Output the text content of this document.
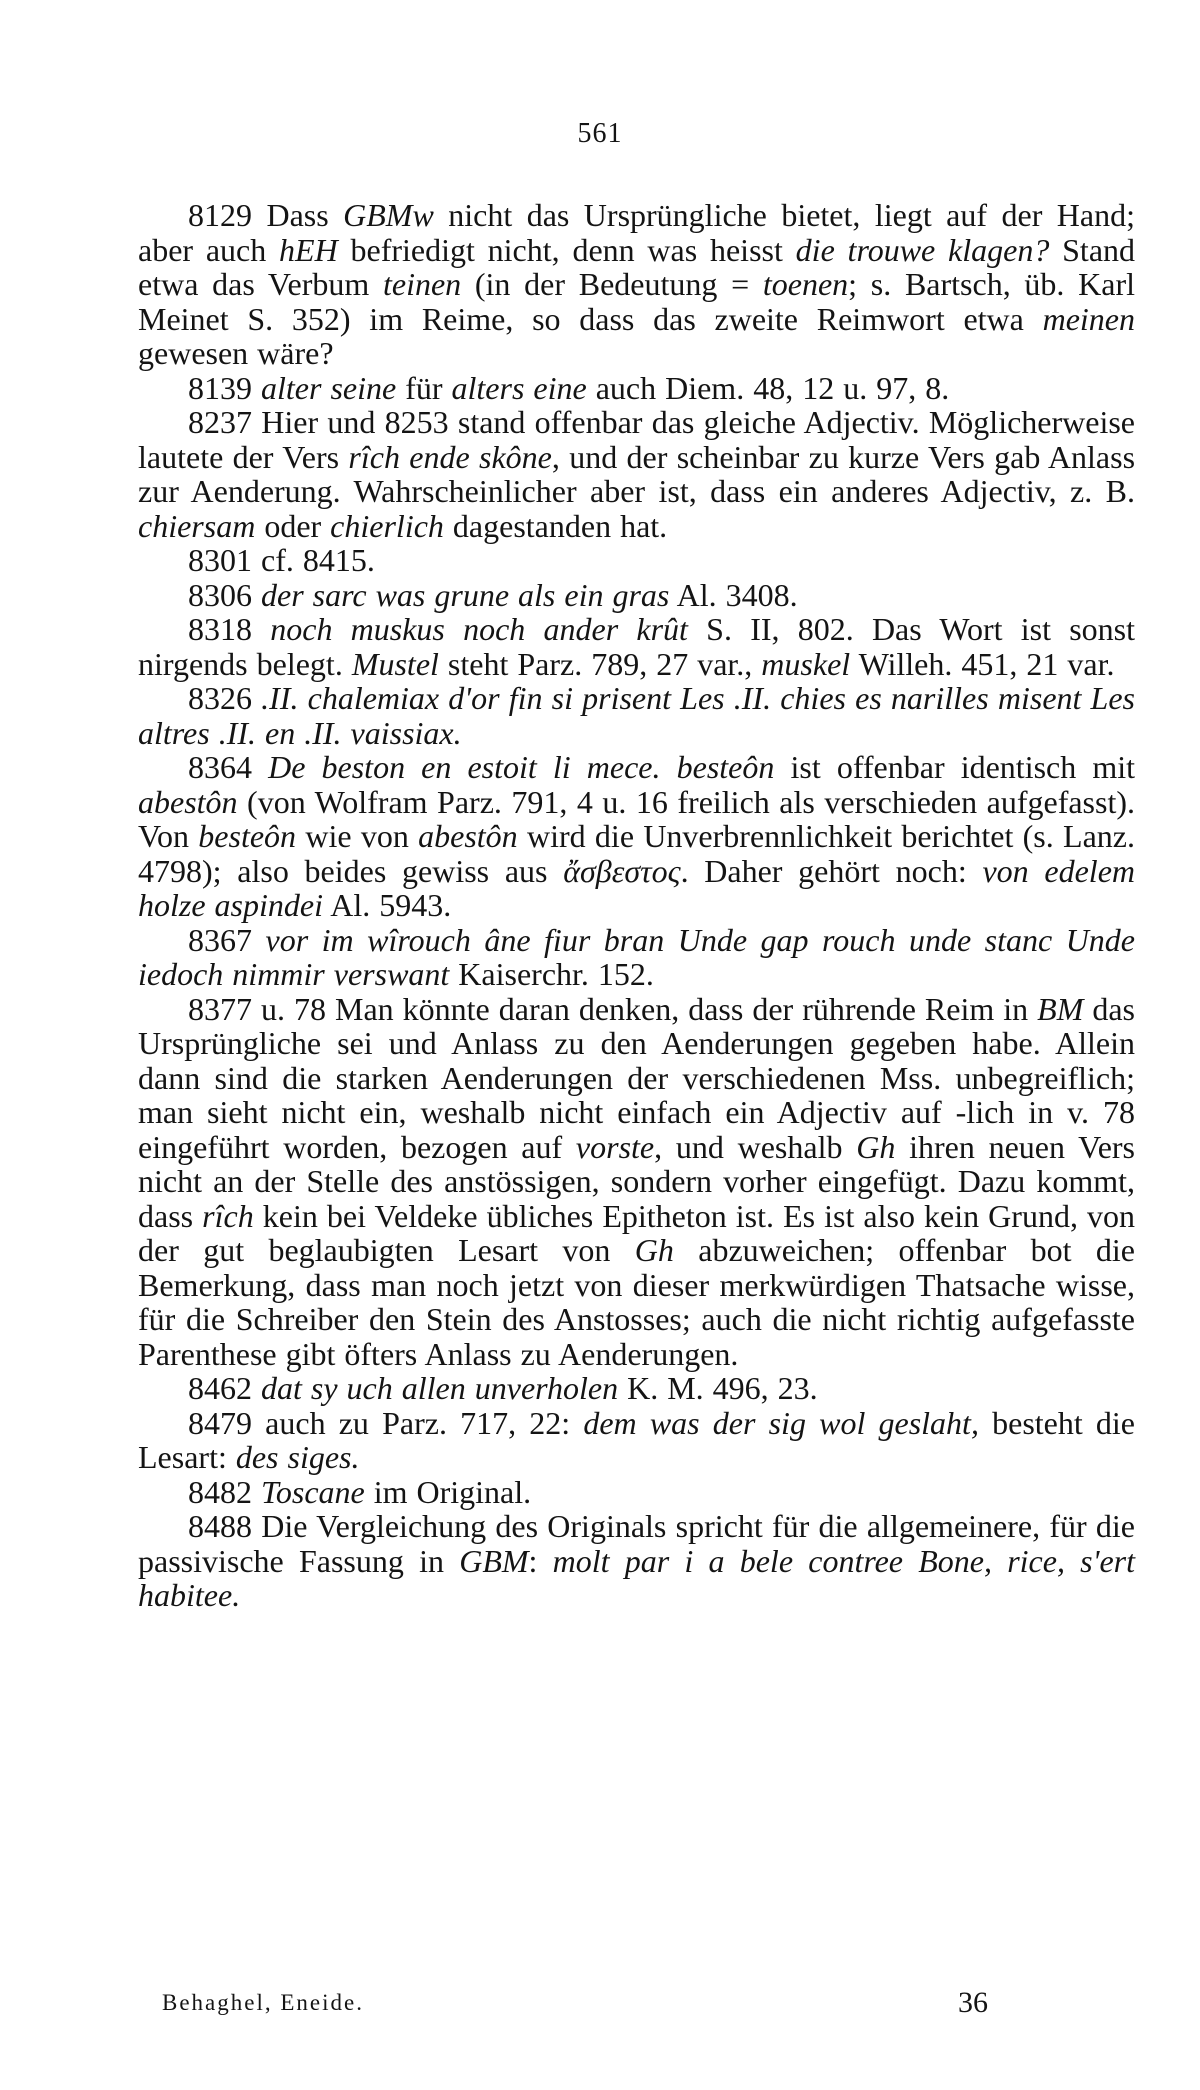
561

8129 Dass GBMw nicht das Ursprüngliche bietet, liegt auf der Hand; aber auch hEH befriedigt nicht, denn was heisst die trouwe klagen? Stand etwa das Verbum teinen (in der Bedeutung = toenen; s. Bartsch, üb. Karl Meinet S. 352) im Reime, so dass das zweite Reimwort etwa meinen gewesen wäre?

8139 alter seine für alters eine auch Diem. 48, 12 u. 97, 8.

8237 Hier und 8253 stand offenbar das gleiche Adjectiv. Möglicherweise lautete der Vers rîch ende skône, und der scheinbar zu kurze Vers gab Anlass zur Aenderung. Wahrscheinlicher aber ist, dass ein anderes Adjectiv, z. B. chiersam oder chierlich dagestanden hat.

8301 cf. 8415.

8306 der sarc was grune als ein gras Al. 3408.

8318 noch muskus noch ander krût S. II, 802. Das Wort ist sonst nirgends belegt. Mustel steht Parz. 789, 27 var., muskel Willeh. 451, 21 var.

8326 .II. chalemiax d'or fin si prisent Les .II. chies es narilles misent Les altres .II. en .II. vaissiax.

8364 De beston en estoit li mece. besteôn ist offenbar identisch mit abestôn (von Wolfram Parz. 791, 4 u. 16 freilich als verschieden aufgefasst). Von besteôn wie von abestôn wird die Unverbrennlichkeit berichtet (s. Lanz. 4798); also beides gewiss aus ἄσβεστος. Daher gehört noch: von edelem holze aspindei Al. 5943.

8367 vor im wîrouch âne fiur bran Unde gap rouch unde stanc Unde iedoch nimmir verswant Kaiserchr. 152.

8377 u. 78 Man könnte daran denken, dass der rührende Reim in BM das Ursprüngliche sei und Anlass zu den Aenderungen gegeben habe. Allein dann sind die starken Aenderungen der verschiedenen Mss. unbegreiflich; man sieht nicht ein, weshalb nicht einfach ein Adjectiv auf -lich in v. 78 eingeführt worden, bezogen auf vorste, und weshalb Gh ihren neuen Vers nicht an der Stelle des anstössigen, sondern vorher eingefügt. Dazu kommt, dass rîch kein bei Veldeke übliches Epitheton ist. Es ist also kein Grund, von der gut beglaubigten Lesart von Gh abzuweichen; offenbar bot die Bemerkung, dass man noch jetzt von dieser merkwürdigen Thatsache wisse, für die Schreiber den Stein des Anstosses; auch die nicht richtig aufgefasste Parenthese gibt öfters Anlass zu Aenderungen.

8462 dat sy uch allen unverholen K. M. 496, 23.

8479 auch zu Parz. 717, 22: dem was der sig wol geslaht, besteht die Lesart: des siges.

8482 Toscane im Original.

8488 Die Vergleichung des Originals spricht für die allgemeinere, für die passivische Fassung in GBM: molt par i a bele contree Bone, rice, s'ert habitee.

Behaghel, Eneide.	36
